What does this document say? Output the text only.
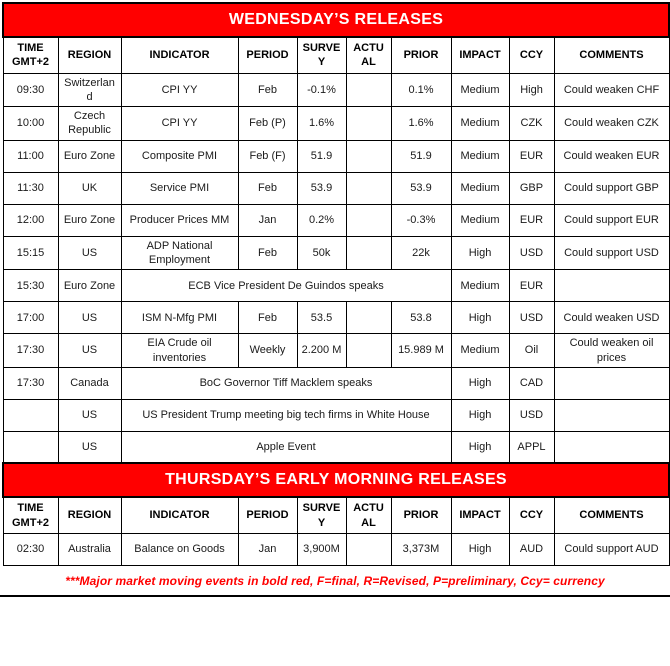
WEDNESDAY’S RELEASES									
TIME GMT+2	REGION	INDICATOR	PERIOD	SURVEY	ACTUAL	PRIOR	IMPACT	CCY	COMMENTS
09:30	Switzerland	CPI YY	Feb	-0.1%		0.1%	Medium	High	Could weaken CHF
10:00	Czech Republic	CPI YY	Feb (P)	1.6%		1.6%	Medium	CZK	Could weaken CZK
11:00	Euro Zone	Composite PMI	Feb (F)	51.9		51.9	Medium	EUR	Could weaken EUR
11:30	UK	Service PMI	Feb	53.9		53.9	Medium	GBP	Could support GBP
12:00	Euro Zone	Producer Prices MM	Jan	0.2%		-0.3%	Medium	EUR	Could support EUR
15:15	US	ADP National Employment	Feb	50k		22k	High	USD	Could support USD
15:30	Euro Zone	ECB Vice President De Guindos speaks					Medium	EUR	
17:00	US	ISM N-Mfg PMI	Feb	53.5		53.8	High	USD	Could weaken USD
17:30	US	EIA Crude oil inventories	Weekly	2.200 M		15.989 M	Medium	Oil	Could weaken oil prices
17:30	Canada	BoC Governor Tiff Macklem speaks					High	CAD	
	US	US President Trump meeting big tech firms in White House					High	USD	
	US	Apple Event					High	APPL	
THURSDAY’S EARLY MORNING RELEASES									
TIME GMT+2	REGION	INDICATOR	PERIOD	SURVEY	ACTUAL	PRIOR	IMPACT	CCY	COMMENTS
02:30	Australia	Balance on Goods	Jan	3,900M		3,373M	High	AUD	Could support AUD
***Major market moving events in bold red, F=final, R=Revised, P=preliminary, Ccy= currency
